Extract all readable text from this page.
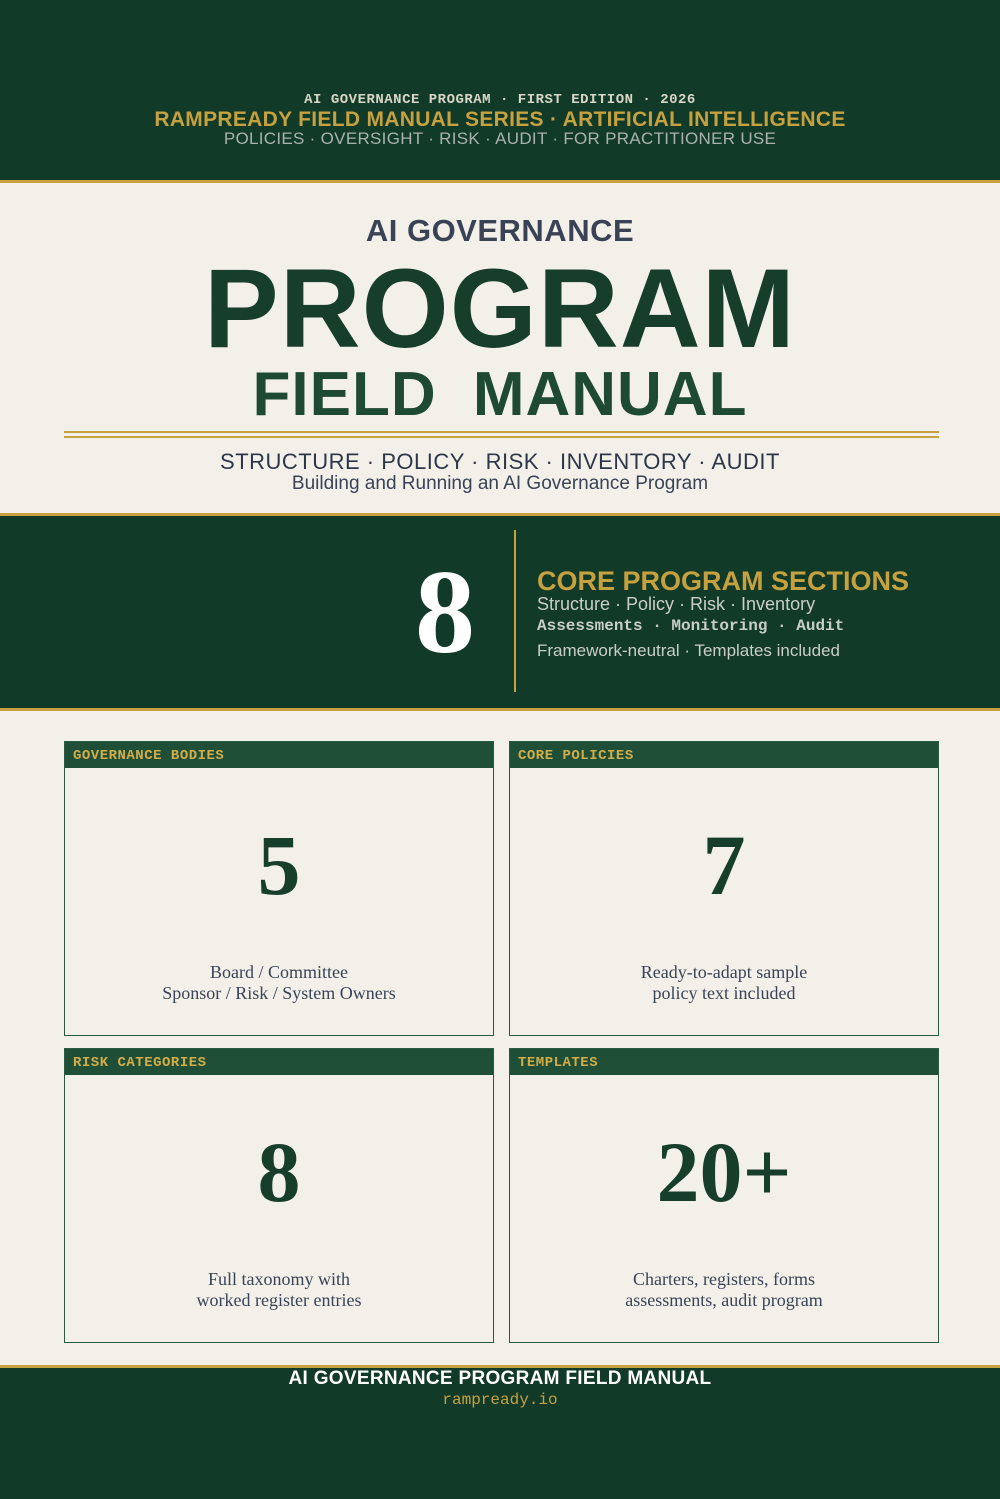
AI GOVERNANCE PROGRAM · FIRST EDITION · 2026
RAMPREADY FIELD MANUAL SERIES · ARTIFICIAL INTELLIGENCE
POLICIES · OVERSIGHT · RISK · AUDIT · FOR PRACTITIONER USE
AI GOVERNANCE
PROGRAM
FIELD MANUAL
STRUCTURE · POLICY · RISK · INVENTORY · AUDIT
Building and Running an AI Governance Program
8	CORE PROGRAM SECTIONS
Structure · Policy · Risk · Inventory
Assessments · Monitoring · Audit
Framework-neutral · Templates included
GOVERNANCE BODIES
5
Board / Committee
Sponsor / Risk / System Owners
CORE POLICIES
7
Ready-to-adapt sample
policy text included
RISK CATEGORIES
8
Full taxonomy with
worked register entries
TEMPLATES
20+
Charters, registers, forms
assessments, audit program
AI GOVERNANCE PROGRAM FIELD MANUAL
rampready.io
